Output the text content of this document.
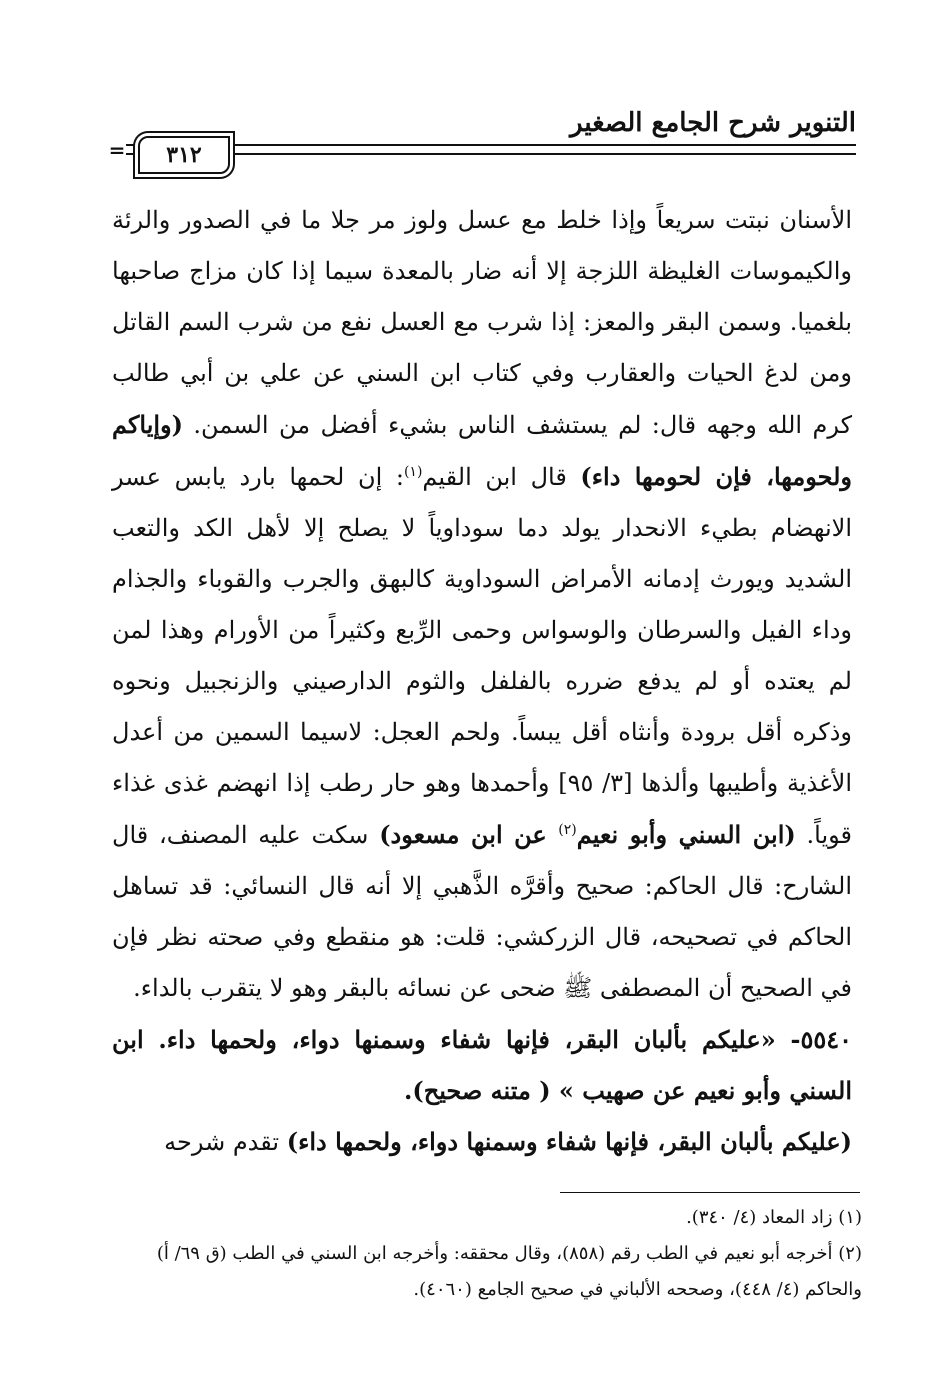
التنوير شرح الجامع الصغير
=	٣١٢

الأسنان نبتت سريعاً وإذا خلط مع عسل ولوز مر جلا ما في الصدور والرئة والكيموسات الغليظة اللزجة إلا أنه ضار بالمعدة سيما إذا كان مزاج صاحبها بلغميا. وسمن البقر والمعز: إذا شرب مع العسل نفع من شرب السم القاتل ومن لدغ الحيات والعقارب وفي كتاب ابن السني عن علي بن أبي طالب كرم الله وجهه قال: لم يستشف الناس بشيء أفضل من السمن. (وإياكم ولحومها، فإن لحومها داء) قال ابن القيم$^{(١)}$: إن لحمها بارد يابس عسر الانهضام بطيء الانحدار يولد دما سوداوياً لا يصلح إلا لأهل الكد والتعب الشديد ويورث إدمانه الأمراض السوداوية كالبهق والجرب والقوباء والجذام وداء الفيل والسرطان والوسواس وحمى الرِّبع وكثيراً من الأورام وهذا لمن لم يعتده أو لم يدفع ضرره بالفلفل والثوم الدارصيني والزنجبيل ونحوه وذكره أقل برودة وأنثاه أقل يبساً. ولحم العجل: لاسيما السمين من أعدل الأغذية وأطيبها وألذها [٣/ ٩٥] وأحمدها وهو حار رطب إذا انهضم غذى غذاء قوياً. (ابن السني وأبو نعيم$^{(٢)}$ عن ابن مسعود) سكت عليه المصنف، قال الشارح: قال الحاكم: صحيح وأقرَّه الذَّهبي إلا أنه قال النسائي: قد تساهل الحاكم في تصحيحه، قال الزركشي: قلت: هو منقطع وفي صحته نظر فإن في الصحيح أن المصطفى ﷺ ضحى عن نسائه بالبقر وهو لا يتقرب بالداء.

٥٥٤٠- «عليكم بألبان البقر، فإنها شفاء وسمنها دواء، ولحمها داء. ابن السني وأبو نعيم عن صهيب » ( متنه صحيح).

(عليكم بألبان البقر، فإنها شفاء وسمنها دواء، ولحمها داء) تقدم شرحه

(١) زاد المعاد (٤/ ٣٤٠).

(٢) أخرجه أبو نعيم في الطب رقم (٨٥٨)، وقال محققه: وأخرجه ابن السني في الطب (ق ٦٩/ أ)

والحاكم (٤/ ٤٤٨)، وصححه الألباني في صحيح الجامع (٤٠٦٠).
